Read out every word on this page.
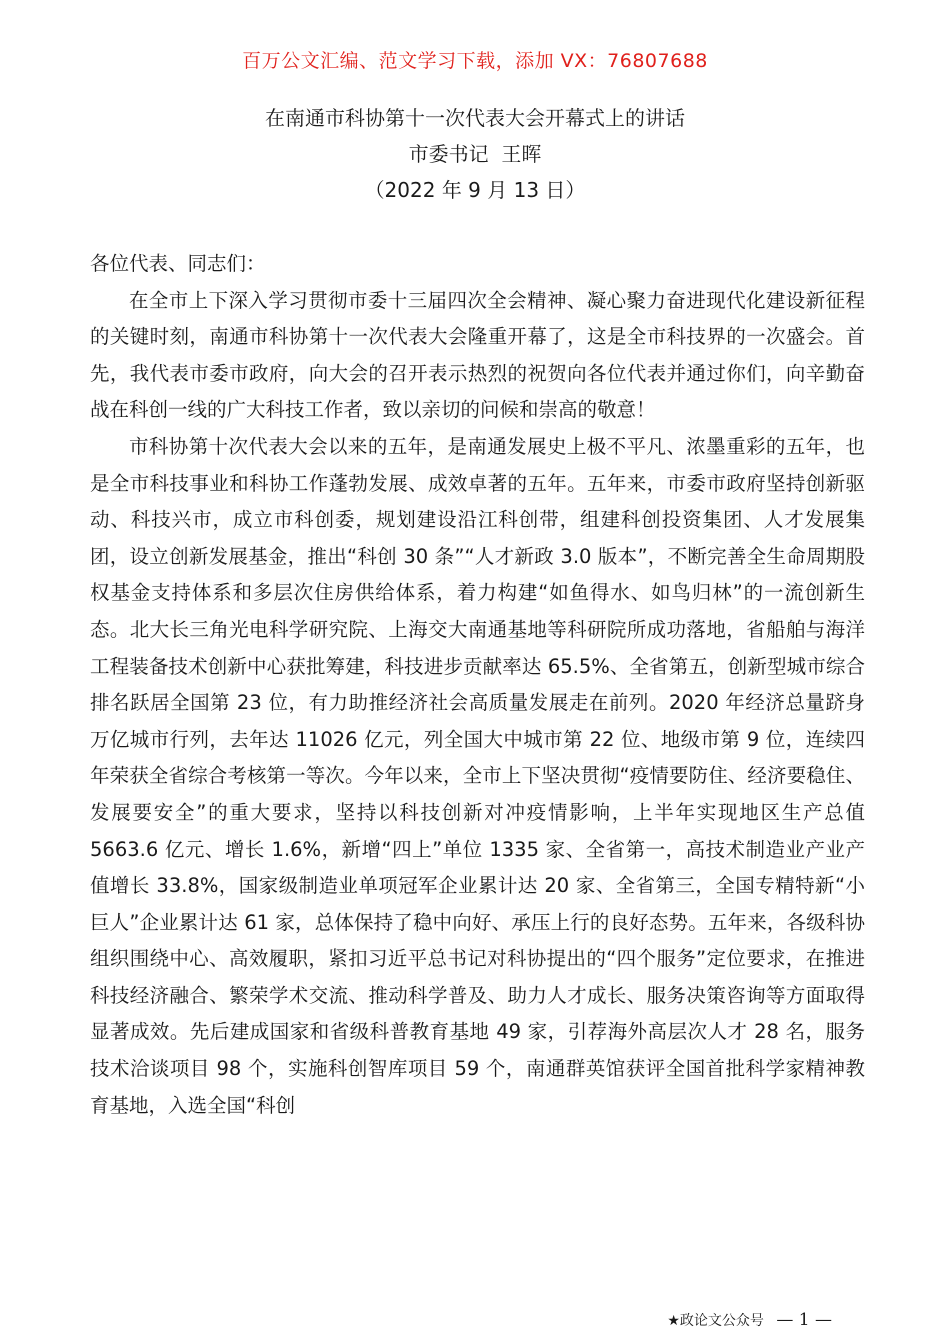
百万公文汇编、范文学习下载，添加 VX：76807688
在南通市科协第十一次代表大会开幕式上的讲话
市委书记  王晖
（2022 年 9 月 13 日）

各位代表、同志们：

在全市上下深入学习贯彻市委十三届四次全会精神、凝心聚力奋进现代化建设新征程的关键时刻，南通市科协第十一次代表大会隆重开幕了，这是全市科技界的一次盛会。首先，我代表市委市政府，向大会的召开表示热烈的祝贺向各位代表并通过你们，向辛勤奋战在科创一线的广大科技工作者，致以亲切的问候和崇高的敬意！

市科协第十次代表大会以来的五年，是南通发展史上极不平凡、浓墨重彩的五年，也是全市科技事业和科协工作蓬勃发展、成效卓著的五年。五年来，市委市政府坚持创新驱动、科技兴市，成立市科创委，规划建设沿江科创带，组建科创投资集团、人才发展集团，设立创新发展基金，推出“科创 30 条”“人才新政 3.0 版本”，不断完善全生命周期股权基金支持体系和多层次住房供给体系，着力构建“如鱼得水、如鸟归林”的一流创新生态。北大长三角光电科学研究院、上海交大南通基地等科研院所成功落地，省船舶与海洋工程装备技术创新中心获批筹建，科技进步贡献率达 65.5%、全省第五，创新型城市综合排名跃居全国第 23 位，有力助推经济社会高质量发展走在前列。2020 年经济总量跻身万亿城市行列，去年达 11026 亿元，列全国大中城市第 22 位、地级市第 9 位，连续四年荣获全省综合考核第一等次。今年以来，全市上下坚决贯彻“疫情要防住、经济要稳住、发展要安全”的重大要求，坚持以科技创新对冲疫情影响，上半年实现地区生产总值 5663.6 亿元、增长 1.6%，新增“四上”单位 1335 家、全省第一，高技术制造业产业产值增长 33.8%，国家级制造业单项冠军企业累计达 20 家、全省第三，全国专精特新“小巨人”企业累计达 61 家，总体保持了稳中向好、承压上行的良好态势。五年来，各级科协组织围绕中心、高效履职，紧扣习近平总书记对科协提出的“四个服务”定位要求，在推进科技经济融合、繁荣学术交流、推动科学普及、助力人才成长、服务决策咨询等方面取得显著成效。先后建成国家和省级科普教育基地 49 家，引荐海外高层次人才 28 名，服务技术洽谈项目 98 个，实施科创智库项目 59 个，南通群英馆获评全国首批科学家精神教育基地，入选全国“科创

★政论文公众号 — 1 —
